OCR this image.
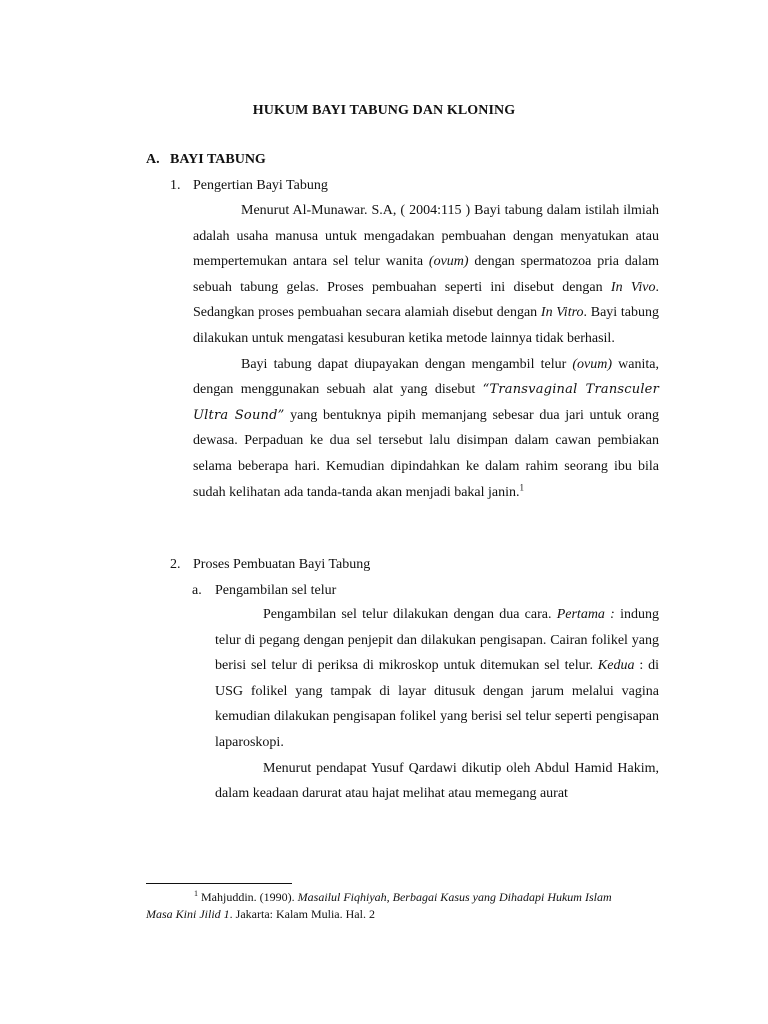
HUKUM BAYI TABUNG DAN KLONING
A. BAYI TABUNG
1. Pengertian Bayi Tabung

Menurut Al-Munawar. S.A, ( 2004:115 ) Bayi tabung dalam istilah ilmiah adalah usaha manusa untuk mengadakan pembuahan dengan menyatukan atau mempertemukan antara sel telur wanita (ovum) dengan spermatozoa pria dalam sebuah tabung gelas. Proses pembuahan seperti ini disebut dengan In Vivo. Sedangkan proses pembuahan secara alamiah disebut dengan In Vitro. Bayi tabung dilakukan untuk mengatasi kesuburan ketika metode lainnya tidak berhasil.

Bayi tabung dapat diupayakan dengan mengambil telur (ovum) wanita, dengan menggunakan sebuah alat yang disebut “Transvaginal Transculer Ultra Sound” yang bentuknya pipih memanjang sebesar dua jari untuk orang dewasa. Perpaduan ke dua sel tersebut lalu disimpan dalam cawan pembiakan selama beberapa hari. Kemudian dipindahkan ke dalam rahim seorang ibu bila sudah kelihatan ada tanda-tanda akan menjadi bakal janin.$^1$

2. Proses Pembuatan Bayi Tabung
a. Pengambilan sel telur

Pengambilan sel telur dilakukan dengan dua cara. Pertama : indung telur di pegang dengan penjepit dan dilakukan pengisapan. Cairan folikel yang berisi sel telur di periksa di mikroskop untuk ditemukan sel telur. Kedua : di USG folikel yang tampak di layar ditusuk dengan jarum melalui vagina kemudian dilakukan pengisapan folikel yang berisi sel telur seperti pengisapan laparoskopi.

Menurut pendapat Yusuf Qardawi dikutip oleh Abdul Hamid Hakim, dalam keadaan darurat atau hajat melihat atau memegang aurat

$^1$ Mahjuddin. (1990). Masailul Fiqhiyah, Berbagai Kasus yang Dihadapi Hukum Islam Masa Kini Jilid 1. Jakarta: Kalam Mulia. Hal. 2
